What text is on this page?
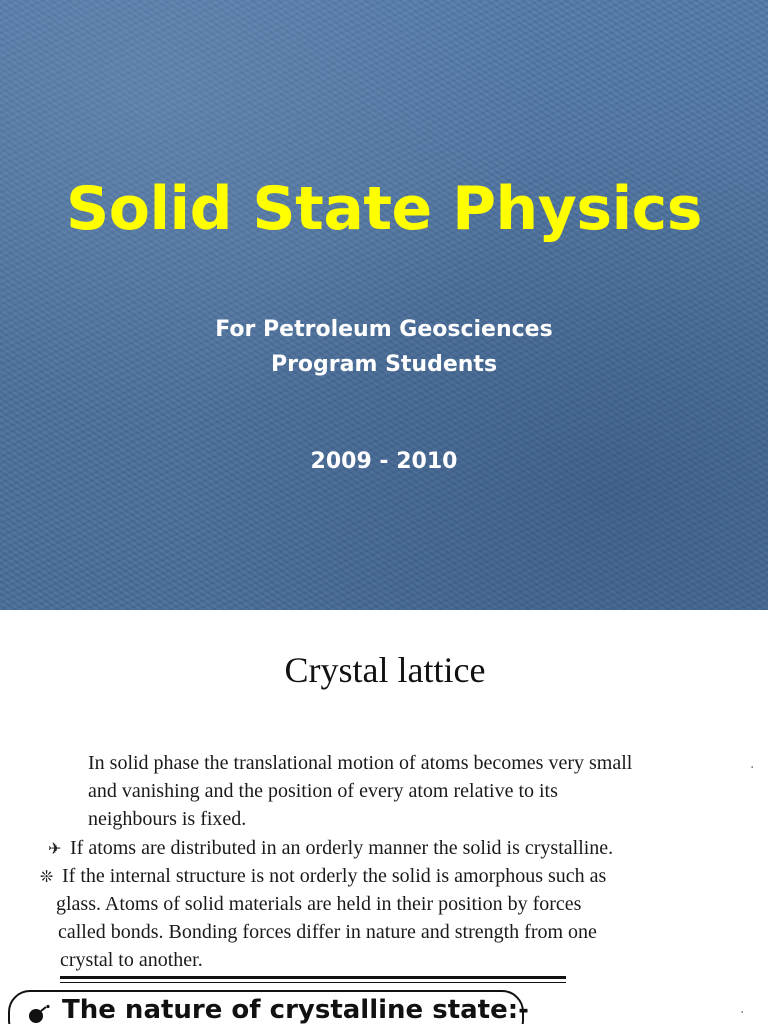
Solid State Physics
For Petroleum Geosciences
Program Students
2009 - 2010
Crystal lattice
In solid phase the translational motion of atoms becomes very small
and vanishing and the position of every atom relative to its
neighbours is fixed.
✈ If atoms are distributed in an orderly manner the solid is crystalline.
❊ If the internal structure is not orderly the solid is amorphous such as
glass. Atoms of solid materials are held in their position by forces
called bonds. Bonding forces differ in nature and strength from one
crystal to another.
The nature of crystalline state:-
·
·
